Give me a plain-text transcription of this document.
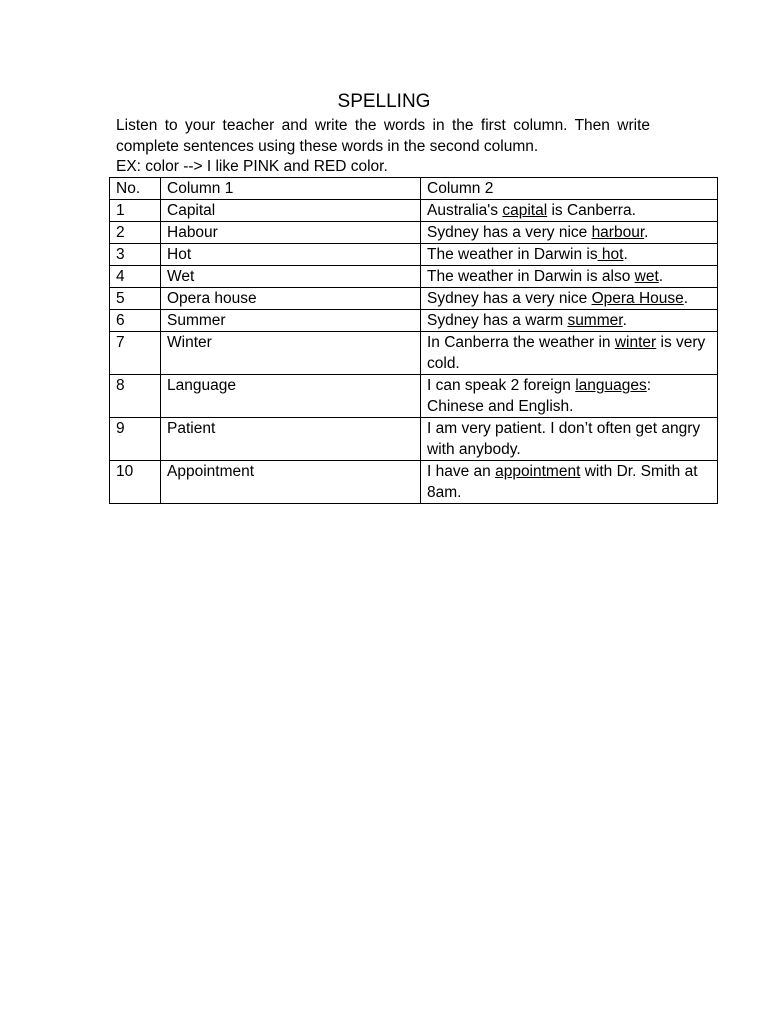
SPELLING

Listen to your teacher and write the words in the first column. Then write complete sentences using these words in the second column.

EX: color --> I like PINK and RED color.
No.	Column 1	Column 2
1	Capital	Australia's capital is Canberra.
2	Habour	Sydney has a very nice harbour.
3	Hot	The weather in Darwin is hot.
4	Wet	The weather in Darwin is also wet.
5	Opera house	Sydney has a very nice Opera House.
6	Summer	Sydney has a warm summer.
7	Winter	In Canberra the weather in winter is very cold.
8	Language	I can speak 2 foreign languages: Chinese and English.
9	Patient	I am very patient. I don’t often get angry with anybody.
10	Appointment	I have an appointment with Dr. Smith at 8am.
